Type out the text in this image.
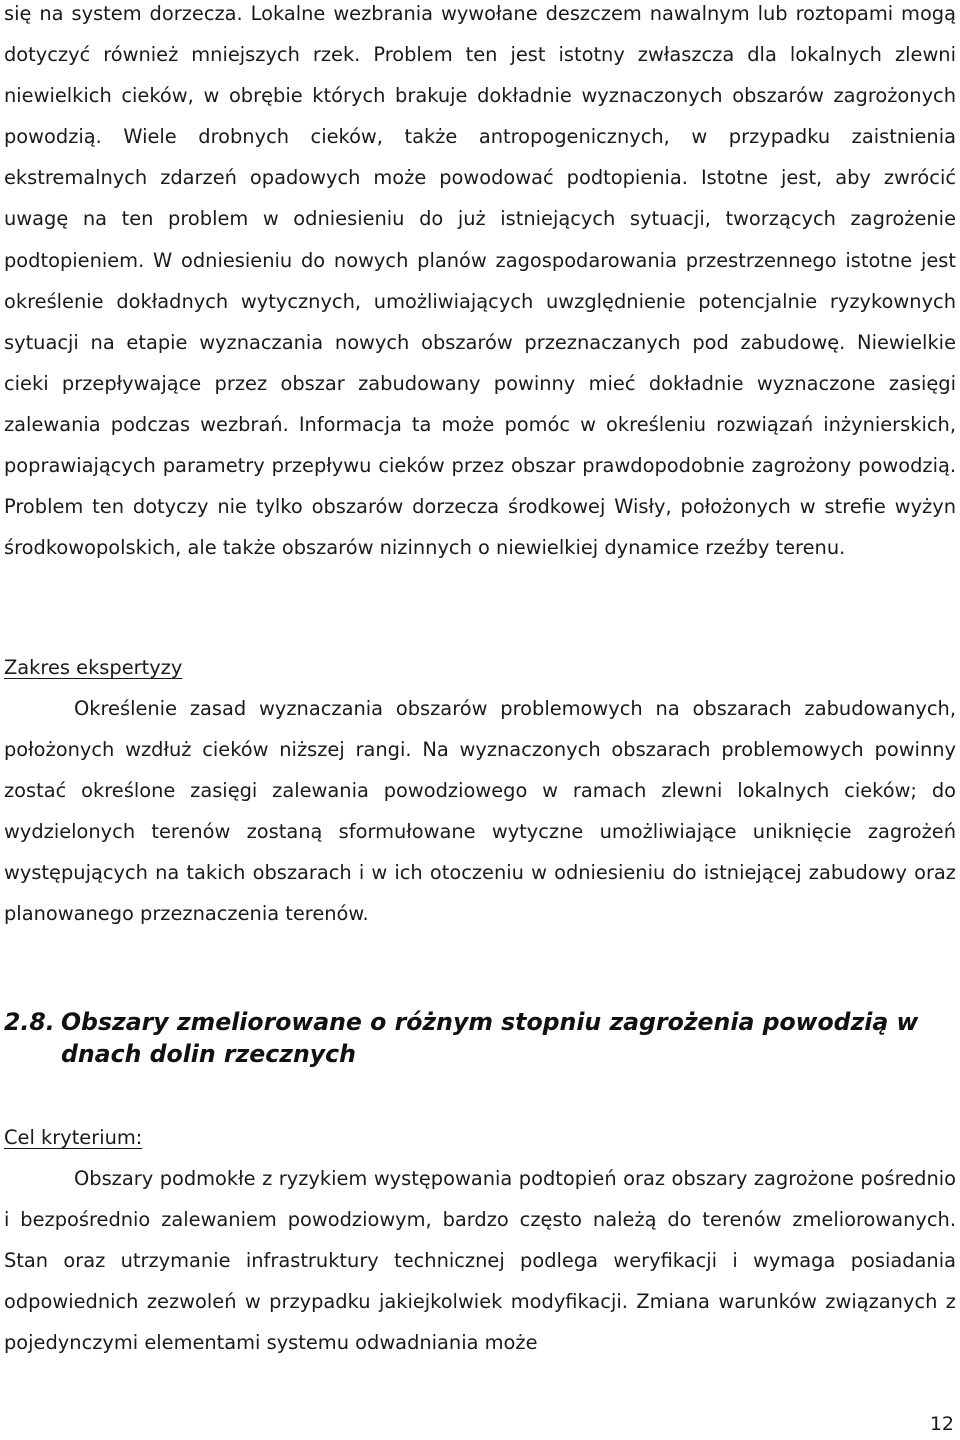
się na system dorzecza. Lokalne wezbrania wywołane deszczem nawalnym lub roztopami mogą dotyczyć również mniejszych rzek. Problem ten jest istotny zwłaszcza dla lokalnych zlewni niewielkich cieków, w obrębie których brakuje dokładnie wyznaczonych obszarów zagrożonych powodzią. Wiele drobnych cieków, także antropogenicznych, w przypadku zaistnienia ekstremalnych zdarzeń opadowych może powodować podtopienia. Istotne jest, aby zwrócić uwagę na ten problem w odniesieniu do już istniejących sytuacji, tworzących zagrożenie podtopieniem. W odniesieniu do nowych planów zagospodarowania przestrzennego istotne jest określenie dokładnych wytycznych, umożliwiających uwzględnienie potencjalnie ryzykownych sytuacji na etapie wyznaczania nowych obszarów przeznaczanych pod zabudowę. Niewielkie cieki przepływające przez obszar zabudowany powinny mieć dokładnie wyznaczone zasięgi zalewania podczas wezbrań. Informacja ta może pomóc w określeniu rozwiązań inżynierskich, poprawiających parametry przepływu cieków przez obszar prawdopodobnie zagrożony powodzią. Problem ten dotyczy nie tylko obszarów dorzecza środkowej Wisły, położonych w strefie wyżyn środkowopolskich, ale także obszarów nizinnych o niewielkiej dynamice rzeźby terenu.

Zakres ekspertyzy

Określenie zasad wyznaczania obszarów problemowych na obszarach zabudowanych, położonych wzdłuż cieków niższej rangi. Na wyznaczonych obszarach problemowych powinny zostać określone zasięgi zalewania powodziowego w ramach zlewni lokalnych cieków; do wydzielonych terenów zostaną sformułowane wytyczne umożliwiające uniknięcie zagrożeń występujących na takich obszarach i w ich otoczeniu w odniesieniu do istniejącej zabudowy oraz planowanego przeznaczenia terenów.

2.8. Obszary zmeliorowane o różnym stopniu zagrożenia powodzią w
dnach dolin rzecznych

Cel kryterium:

Obszary podmokłe z ryzykiem występowania podtopień oraz obszary zagrożone pośrednio i bezpośrednio zalewaniem powodziowym, bardzo często należą do terenów zmeliorowanych. Stan oraz utrzymanie infrastruktury technicznej podlega weryfikacji i wymaga posiadania odpowiednich zezwoleń w przypadku jakiejkolwiek modyfikacji. Zmiana warunków związanych z pojedynczymi elementami systemu odwadniania może

12
